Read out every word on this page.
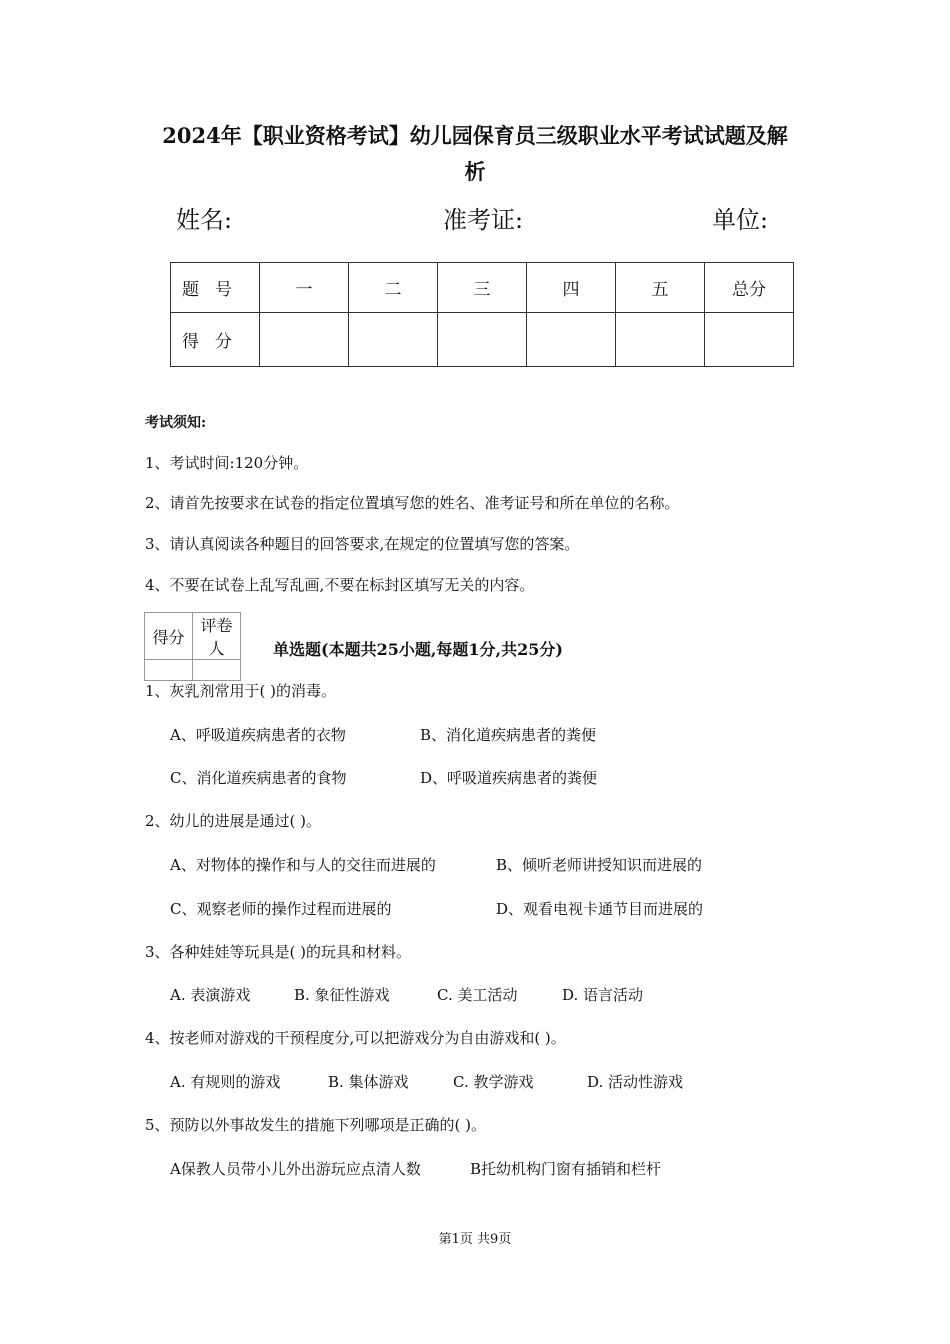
2024年【职业资格考试】幼儿园保育员三级职业水平考试试题及解
析
姓名:	准考证:	单位:
题号	一	二	三	四	五	总分
得分						
考试须知:
1、考试时间:120分钟。
2、请首先按要求在试卷的指定位置填写您的姓名、准考证号和所在单位的名称。
3、请认真阅读各种题目的回答要求,在规定的位置填写您的答案。
4、不要在试卷上乱写乱画,不要在标封区填写无关的内容。
得分	评卷人
		单选题(本题共25小题,每题1分,共25分)
1、灰乳剂常用于( )的消毒。
A、呼吸道疾病患者的衣物	B、消化道疾病患者的粪便
C、消化道疾病患者的食物	D、呼吸道疾病患者的粪便
2、幼儿的进展是通过( )。
A、对物体的操作和与人的交往而进展的	B、倾听老师讲授知识而进展的
C、观察老师的操作过程而进展的	D、观看电视卡通节目而进展的
3、各种娃娃等玩具是( )的玩具和材料。
A. 表演游戏	B. 象征性游戏	C. 美工活动	D. 语言活动
4、按老师对游戏的干预程度分,可以把游戏分为自由游戏和( )。
A. 有规则的游戏	B. 集体游戏	C. 教学游戏	D. 活动性游戏
5、预防以外事故发生的措施下列哪项是正确的( )。
A保教人员带小儿外出游玩应点清人数	B托幼机构门窗有插销和栏杆
第1页 共9页
